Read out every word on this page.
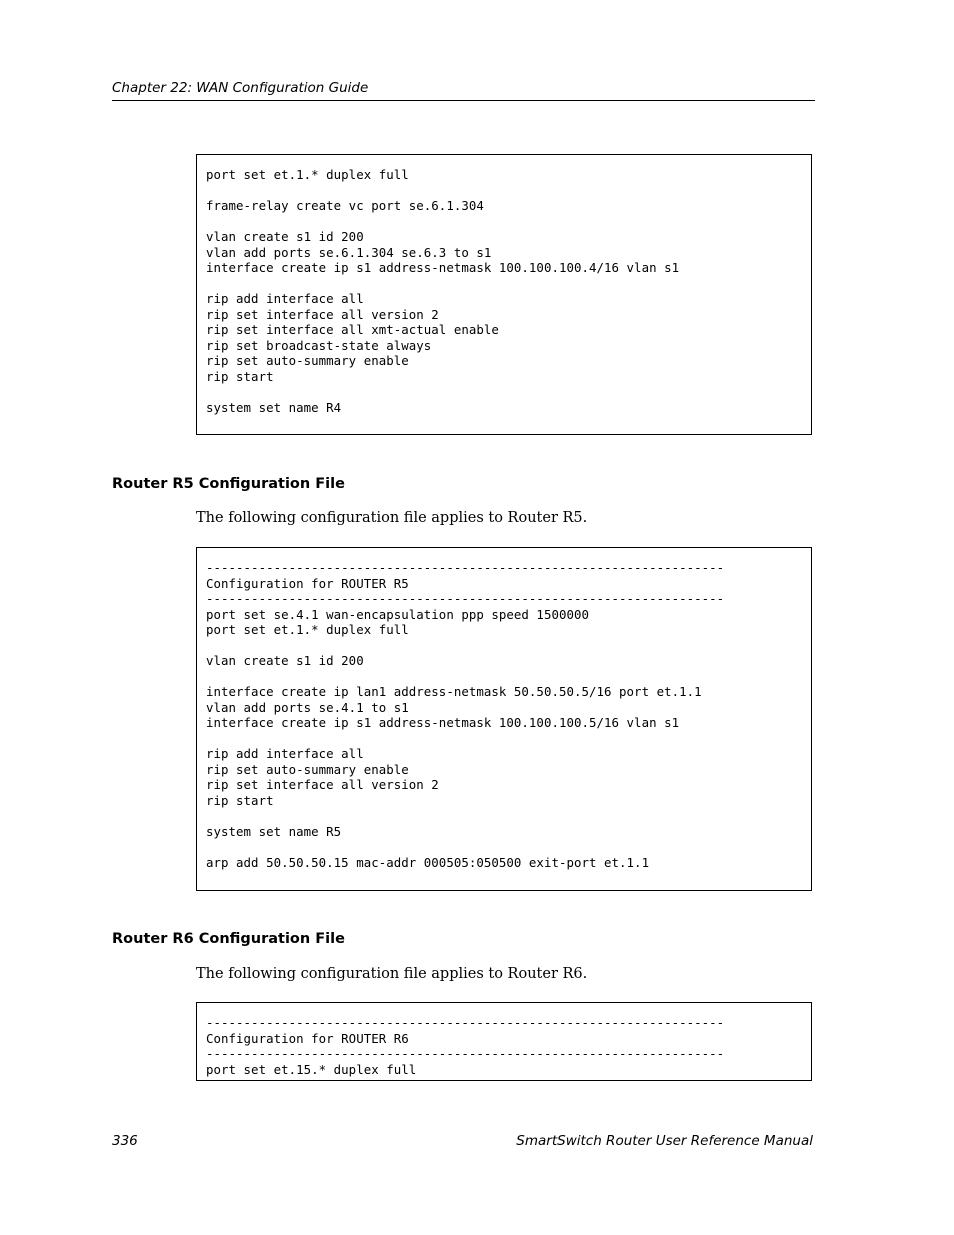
Chapter 22: WAN Configuration Guide
port set et.1.* duplex full

frame-relay create vc port se.6.1.304

vlan create s1 id 200
vlan add ports se.6.1.304 se.6.3 to s1
interface create ip s1 address-netmask 100.100.100.4/16 vlan s1

rip add interface all
rip set interface all version 2
rip set interface all xmt-actual enable
rip set broadcast-state always
rip set auto-summary enable
rip start

system set name R4
Router R5 Configuration File
The following configuration file applies to Router R5.
---------------------------------------------------------------------
Configuration for ROUTER R5
---------------------------------------------------------------------
port set se.4.1 wan-encapsulation ppp speed 1500000
port set et.1.* duplex full

vlan create s1 id 200

interface create ip lan1 address-netmask 50.50.50.5/16 port et.1.1
vlan add ports se.4.1 to s1
interface create ip s1 address-netmask 100.100.100.5/16 vlan s1

rip add interface all
rip set auto-summary enable
rip set interface all version 2
rip start

system set name R5

arp add 50.50.50.15 mac-addr 000505:050500 exit-port et.1.1
Router R6 Configuration File
The following configuration file applies to Router R6.
---------------------------------------------------------------------
Configuration for ROUTER R6
---------------------------------------------------------------------
port set et.15.* duplex full
336	SmartSwitch Router User Reference Manual
